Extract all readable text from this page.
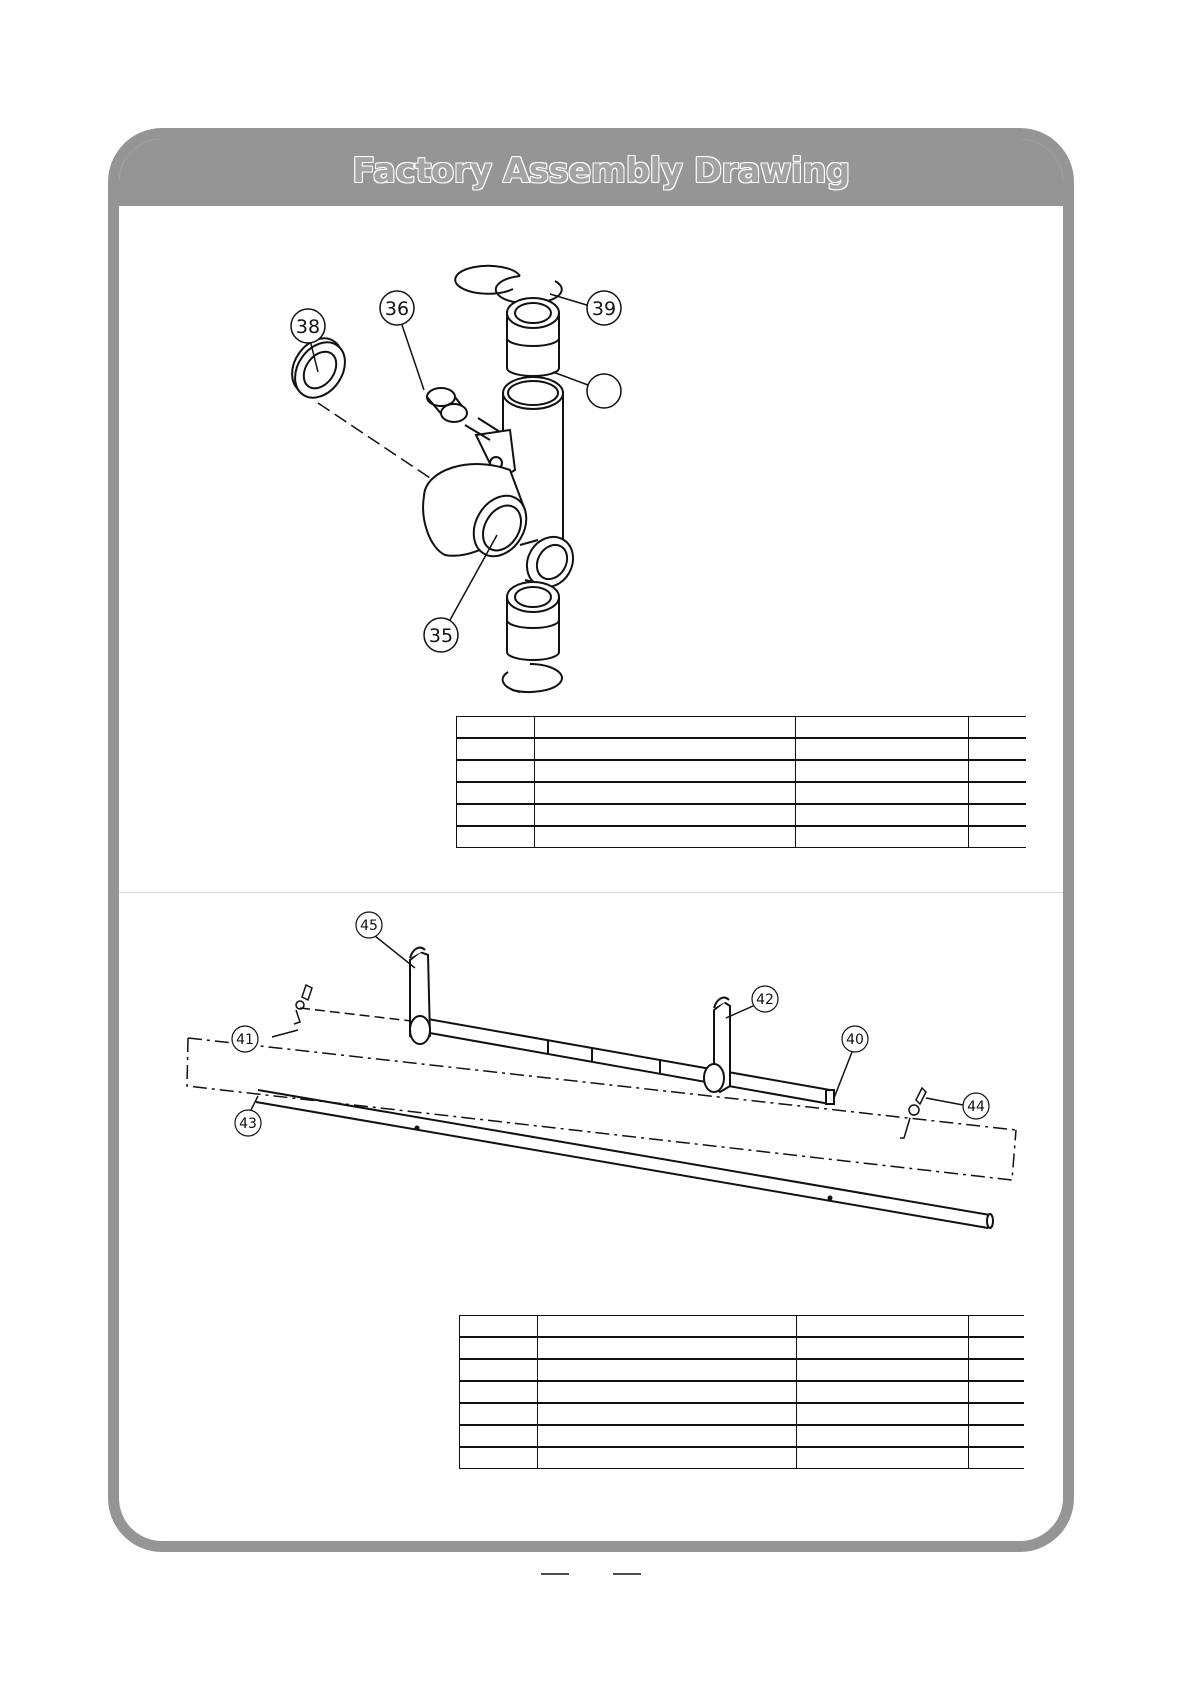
Factory Assembly Drawing
38
36	39
35

45
42
41	40
43
44
